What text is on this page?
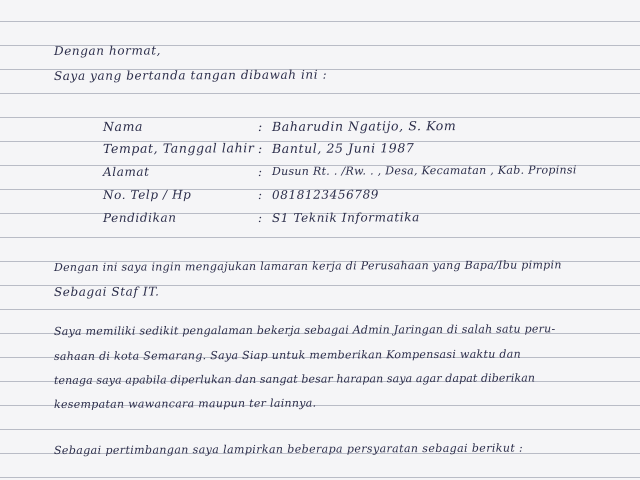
Dengan hormat,
Saya yang bertanda tangan dibawah ini :
Nama	: Baharudin Ngatijo, S. Kom
Tempat, Tanggal lahir : Bantul, 25 Juni 1987
Alamat	: Dusun Rt. . /Rw. . , Desa, Kecamatan , Kab. Propinsi
No. Telp / Hp	: 0818123456789
Pendidikan	: S1 Teknik Informatika
Dengan ini saya ingin mengajukan lamaran kerja di Perusahaan yang Bapa/Ibu pimpin
Sebagai Staf IT.
Saya memiliki sedikit pengalaman bekerja sebagai Admin Jaringan di salah satu peru-
sahaan di kota Semarang. Saya Siap untuk memberikan Kompensasi waktu dan
tenaga saya apabila diperlukan dan sangat besar harapan saya agar dapat diberikan
kesempatan wawancara maupun ter lainnya.
Sebagai pertimbangan saya lampirkan beberapa persyaratan sebagai berikut :
